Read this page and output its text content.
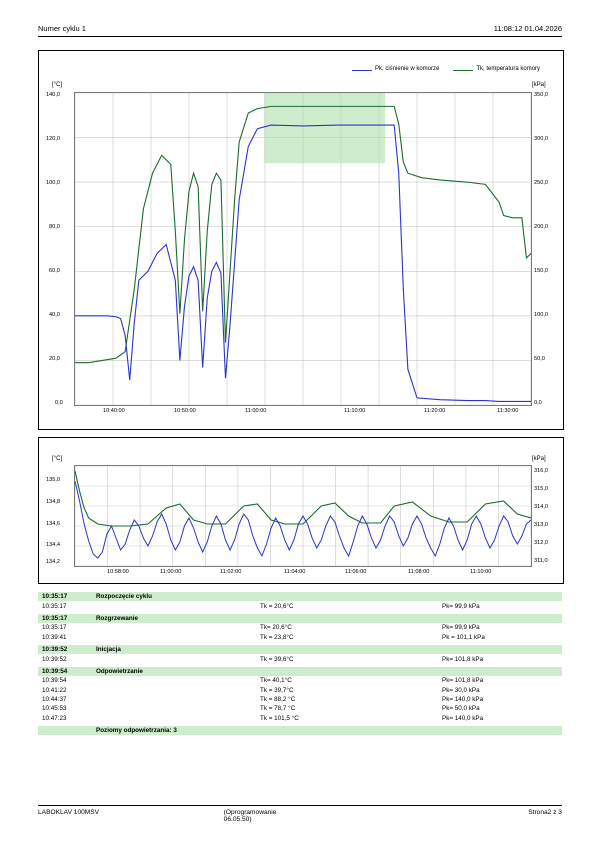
Numer cyklu 1	11:08:12 01.04.2026
Pk, ciśnienie w komorze	Tk, temperatura komory
[°C]	[kPa]
0,0
20,0
40,0
60,0
80,0
100,0
120,0
140,0
0,0
50,0
100,0
150,0
200,0
250,0
300,0
350,0
10:40:00	10:50:00	11:00:00	11:10:00	11:20:00	11:30:00
[°C]	[kPa]
135,0
134,8
134,6
134,4
134,2
316,0
315,0
314,0
313,0
312,0
311,0
10:58:00	11:00:00	11:02:00	11:04:00	11:06:00	11:08:00	11:10:00
10:35:17	Rozpoczęcie cyklu
10:35:17	Tk = 20,6°C	Pk= 99,9 kPa
10:35:17	Rozgrzewanie
10:35:17	Tk= 20,6°C	Pk= 99,9 kPa
10:39:41	Tk = 23,8°C	Pk = 101,1 kPa
10:39:52	Inicjacja
10:39:52	Tk = 39,6°C	Pk= 101,8 kPa
10:39:54	Odpowietrzanie
10:39:54	Tk= 40,1°C	Pk= 101,8 kPa
10:41:22	Tk = 39,7°C	Pk= 30,0 kPa
10:44:37	Tk = 88,2 °C	Pk= 140,0 kPa
10:45:53	Tk = 78,7 °C	Pk= 50,0 kPa
10:47:23	Tk = 101,5 °C	Pk= 140,0 kPa
Poziomy odpowietrzania: 3
LABOKLAV 100MSV	(Oprogramowanie
06.05.50)
Strona2 z 3
